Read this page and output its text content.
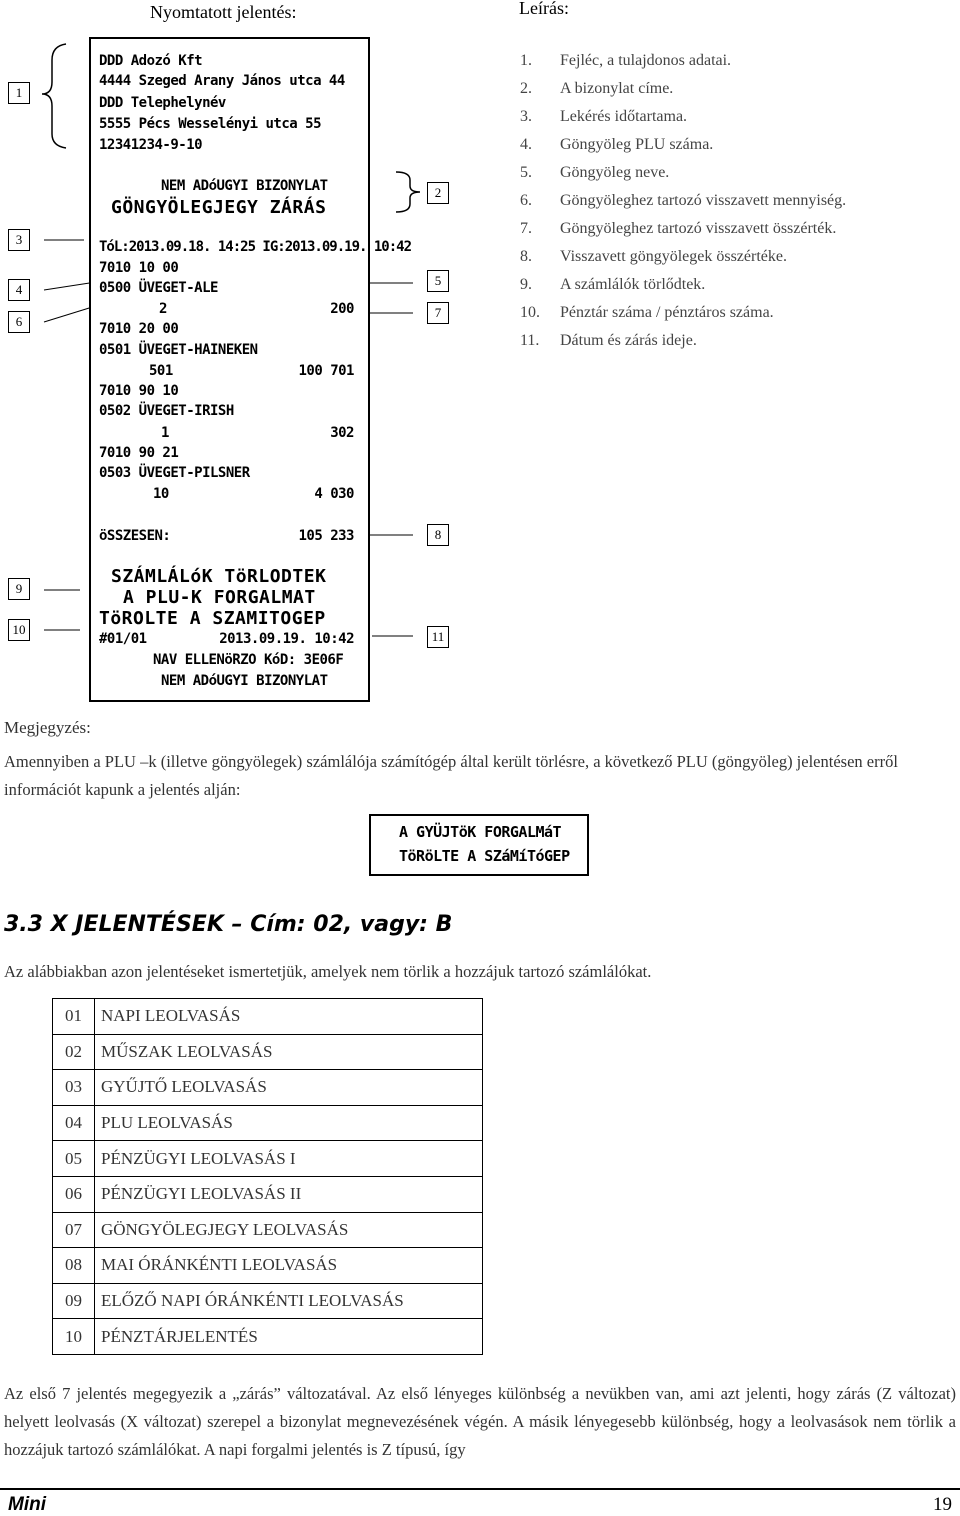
Nyomtatott jelentés:	Leírás:
1. Fejléc, a tulajdonos adatai.
2. A bizonylat címe.
3. Lekérés időtartama.
4. Göngyöleg PLU száma.
5. Göngyöleg neve.
6. Göngyöleghez tartozó visszavett mennyiség.
7. Göngyöleghez tartozó visszavett összérték.
8. Visszavett göngyölegek összértéke.
9. A számlálók törlődtek.
10. Pénztár száma / pénztáros száma.
11. Dátum és zárás ideje.
1
2
3
4
5
6
7
8
9
10	11
DDD Adozó Kft
4444 Szeged Arany János utca 44
DDD Telephelynév
5555 Pécs Wesselényi utca 55
12341234-9-10
NEM ADóUGYI BIZONYLAT
GÖNGYÖLEGJEGY ZÁRÁS
TóL:2013.09.18. 14:25 IG:2013.09.19. 10:42
7010 10 00
0500 ÜVEGET-ALE
2	200
7010 20 00
0501 ÜVEGET-HAINEKEN
501	100 701
7010 90 10
0502 ÜVEGET-IRISH
1	302
7010 90 21
0503 ÜVEGET-PILSNER
10	4 030
öSSZESEN:	105 233
SZÁMLÁLóK TöRLODTEK
A PLU-K FORGALMAT
TöROLTE A SZAMITOGEP
#01/01	2013.09.19. 10:42
NAV ELLENöRZO KóD: 3E06F
NEM ADóUGYI BIZONYLAT
Megjegyzés:
Amennyiben a PLU –k (illetve göngyölegek) számlálója számítógép által került törlésre, a következő PLU (göngyöleg) jelentésen erről információt kapunk a jelentés alján:
A GYÜJTöK FORGALMáT
TöRöLTE A SZáMíTóGEP
3.3 X JELENTÉSEK – Cím: 02, vagy: B
Az alábbiakban azon jelentéseket ismertetjük, amelyek nem törlik a hozzájuk tartozó számlálókat.
01	NAPI LEOLVASÁS
02	MŰSZAK LEOLVASÁS
03	GYŰJTŐ LEOLVASÁS
04	PLU LEOLVASÁS
05	PÉNZÜGYI LEOLVASÁS I
06	PÉNZÜGYI LEOLVASÁS II
07	GÖNGYÖLEGJEGY LEOLVASÁS
08	MAI ÓRÁNKÉNTI LEOLVASÁS
09	ELŐZŐ NAPI ÓRÁNKÉNTI LEOLVASÁS
10	PÉNZTÁRJELENTÉS
Az első 7 jelentés megegyezik a „zárás” változatával. Az első lényeges különbség a nevükben van, ami azt jelenti, hogy zárás (Z változat) helyett leolvasás (X változat) szerepel a bizonylat megnevezésének végén. A másik lényegesebb különbség, hogy a leolvasások nem törlik a hozzájuk tartozó számlálókat. A napi forgalmi jelentés is Z típusú, így
Mini	19
